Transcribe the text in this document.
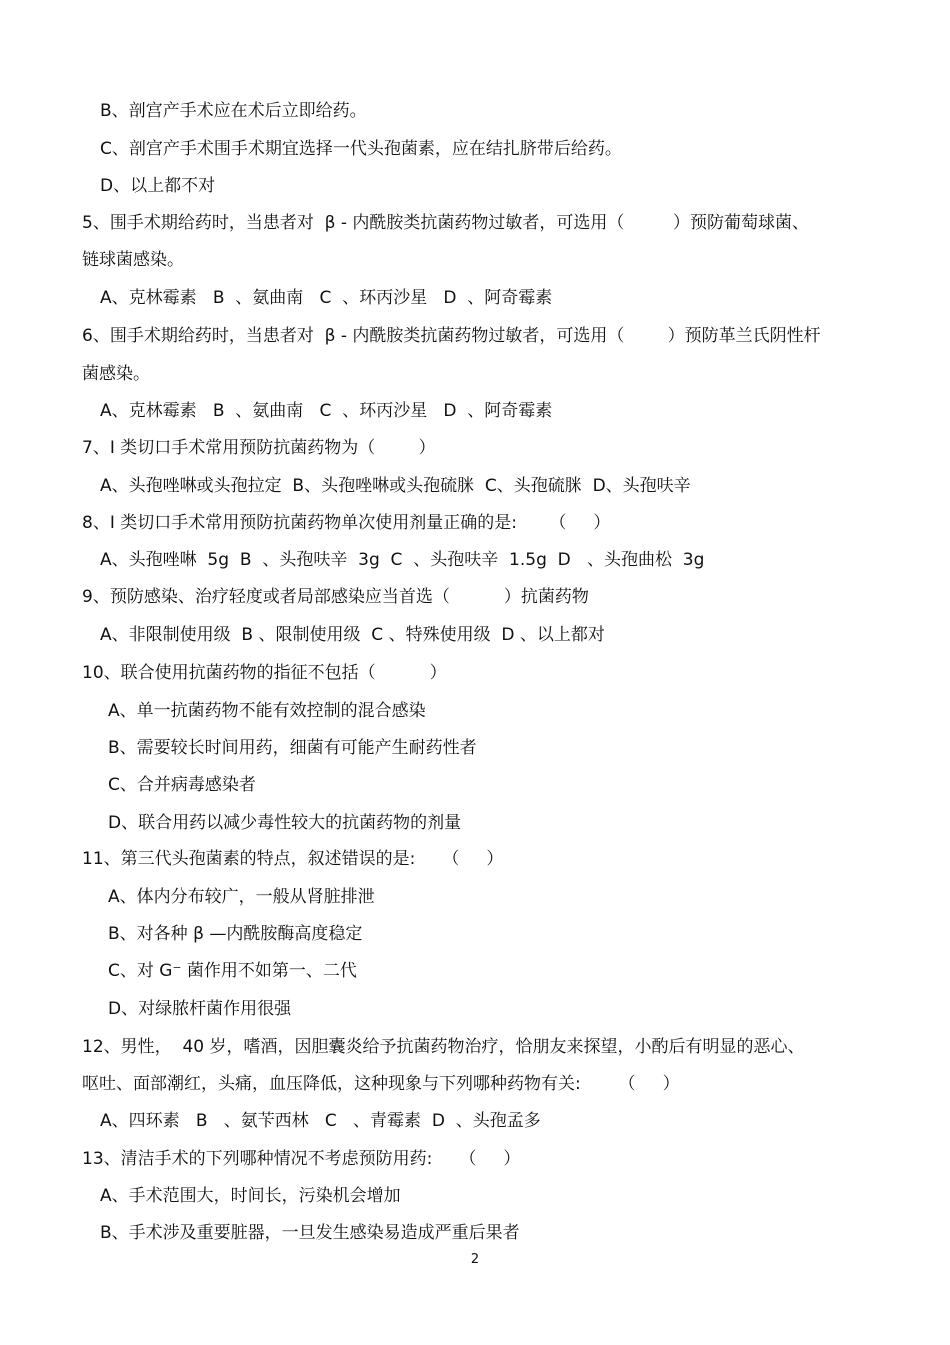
2
B、剖宫产手术应在术后立即给药。
C、剖宫产手术围手术期宜选择一代头孢菌素，应在结扎脐带后给药。
D、以上都不对
5、围手术期给药时，当患者对  β - 内酰胺类抗菌药物过敏者，可选用（         ）预防葡萄球菌、
链球菌感染。
A、克林霉素   B  、氨曲南   C  、环丙沙星   D  、阿奇霉素
6、围手术期给药时，当患者对  β - 内酰胺类抗菌药物过敏者，可选用（        ）预防革兰氏阴性杆
菌感染。
A、克林霉素   B  、氨曲南   C  、环丙沙星   D  、阿奇霉素
7、Ⅰ 类切口手术常用预防抗菌药物为（        ）
A、头孢唑啉或头孢拉定  B、头孢唑啉或头孢硫脒  C、头孢硫脒  D、头孢呋辛
8、Ⅰ 类切口手术常用预防抗菌药物单次使用剂量正确的是:      （     ）
A、头孢唑啉  5g  B  、头孢呋辛  3g  C  、头孢呋辛  1.5g  D   、头孢曲松  3g
9、预防感染、治疗轻度或者局部感染应当首选（          ）抗菌药物
A、非限制使用级  B 、限制使用级  C 、特殊使用级  D 、以上都对
10、联合使用抗菌药物的指征不包括（          ）
A、单一抗菌药物不能有效控制的混合感染
B、需要较长时间用药，细菌有可能产生耐药性者
C、合并病毒感染者
D、联合用药以减少毒性较大的抗菌药物的剂量
11、第三代头孢菌素的特点，叙述错误的是:     （     ）
A、体内分布较广，一般从肾脏排泄
B、对各种 β —内酰胺酶高度稳定
C、对 G⁻ 菌作用不如第一、二代
D、对绿脓杆菌作用很强
12、男性，  40 岁，嗜酒，因胆囊炎给予抗菌药物治疗，恰朋友来探望，小酌后有明显的恶心、
呕吐、面部潮红，头痛，血压降低，这种现象与下列哪种药物有关:       （     ）
A、四环素   B   、氨苄西林   C   、青霉素  D  、头孢孟多
13、清洁手术的下列哪种情况不考虑预防用药:     （     ）
A、手术范围大，时间长，污染机会增加
B、手术涉及重要脏器，一旦发生感染易造成严重后果者
